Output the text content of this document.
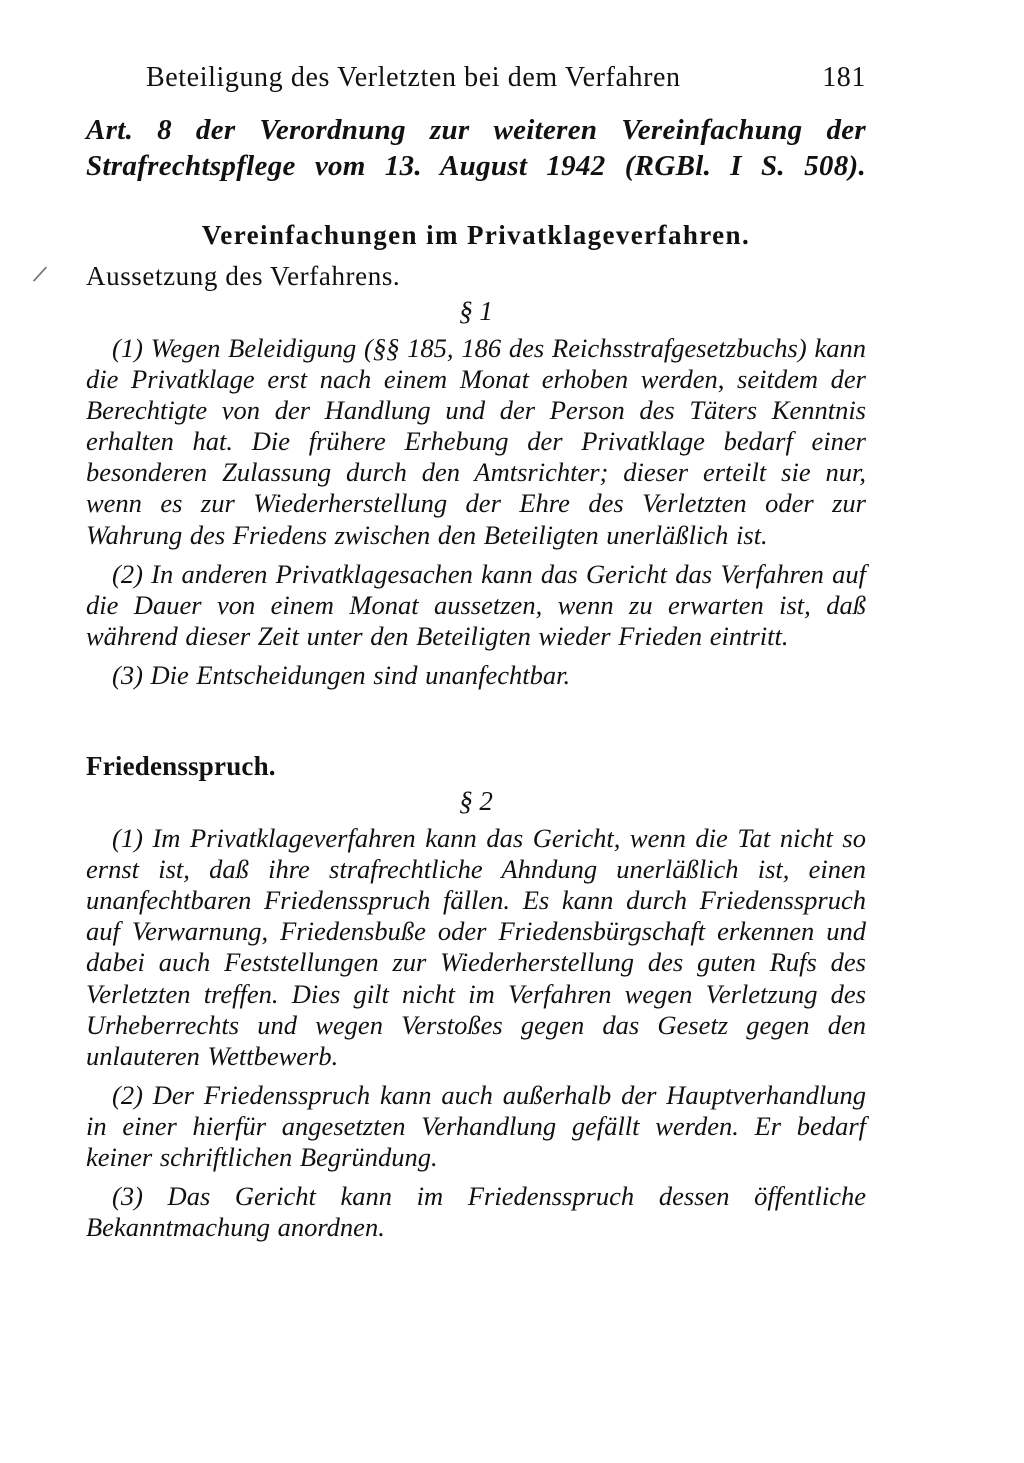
/
Beteiligung des Verletzten bei dem Verfahren	181
Art. 8 der Verordnung zur weiteren Vereinfachung der
Strafrechtspflege vom 13. August 1942 (RGBl. I S. 508).
Vereinfachungen im Privatklageverfahren.
Aussetzung des Verfahrens.
§ 1

(1) Wegen Beleidigung (§§ 185, 186 des Reichsstrafgesetzbuchs) kann die Privatklage erst nach einem Monat erhoben werden, seitdem der Berechtigte von der Handlung und der Person des Täters Kenntnis erhalten hat. Die frühere Erhebung der Privatklage bedarf einer besonderen Zulassung durch den Amtsrichter; dieser erteilt sie nur, wenn es zur Wiederherstellung der Ehre des Verletzten oder zur Wahrung des Friedens zwischen den Beteiligten unerläßlich ist.

(2) In anderen Privatklagesachen kann das Gericht das Verfahren auf die Dauer von einem Monat aussetzen, wenn zu erwarten ist, daß während dieser Zeit unter den Beteiligten wieder Frieden eintritt.

(3) Die Entscheidungen sind unanfechtbar.

Friedensspruch.
§ 2

(1) Im Privatklageverfahren kann das Gericht, wenn die Tat nicht so ernst ist, daß ihre strafrechtliche Ahndung unerläßlich ist, einen unanfechtbaren Friedensspruch fällen. Es kann durch Friedensspruch auf Verwarnung, Friedensbuße oder Friedensbürgschaft erkennen und dabei auch Feststellungen zur Wiederherstellung des guten Rufs des Verletzten treffen. Dies gilt nicht im Verfahren wegen Verletzung des Urheberrechts und wegen Verstoßes gegen das Gesetz gegen den unlauteren Wettbewerb.

(2) Der Friedensspruch kann auch außerhalb der Hauptverhandlung in einer hierfür angesetzten Verhandlung gefällt werden. Er bedarf keiner schriftlichen Begründung.

(3) Das Gericht kann im Friedensspruch dessen öffentliche Bekanntmachung anordnen.
